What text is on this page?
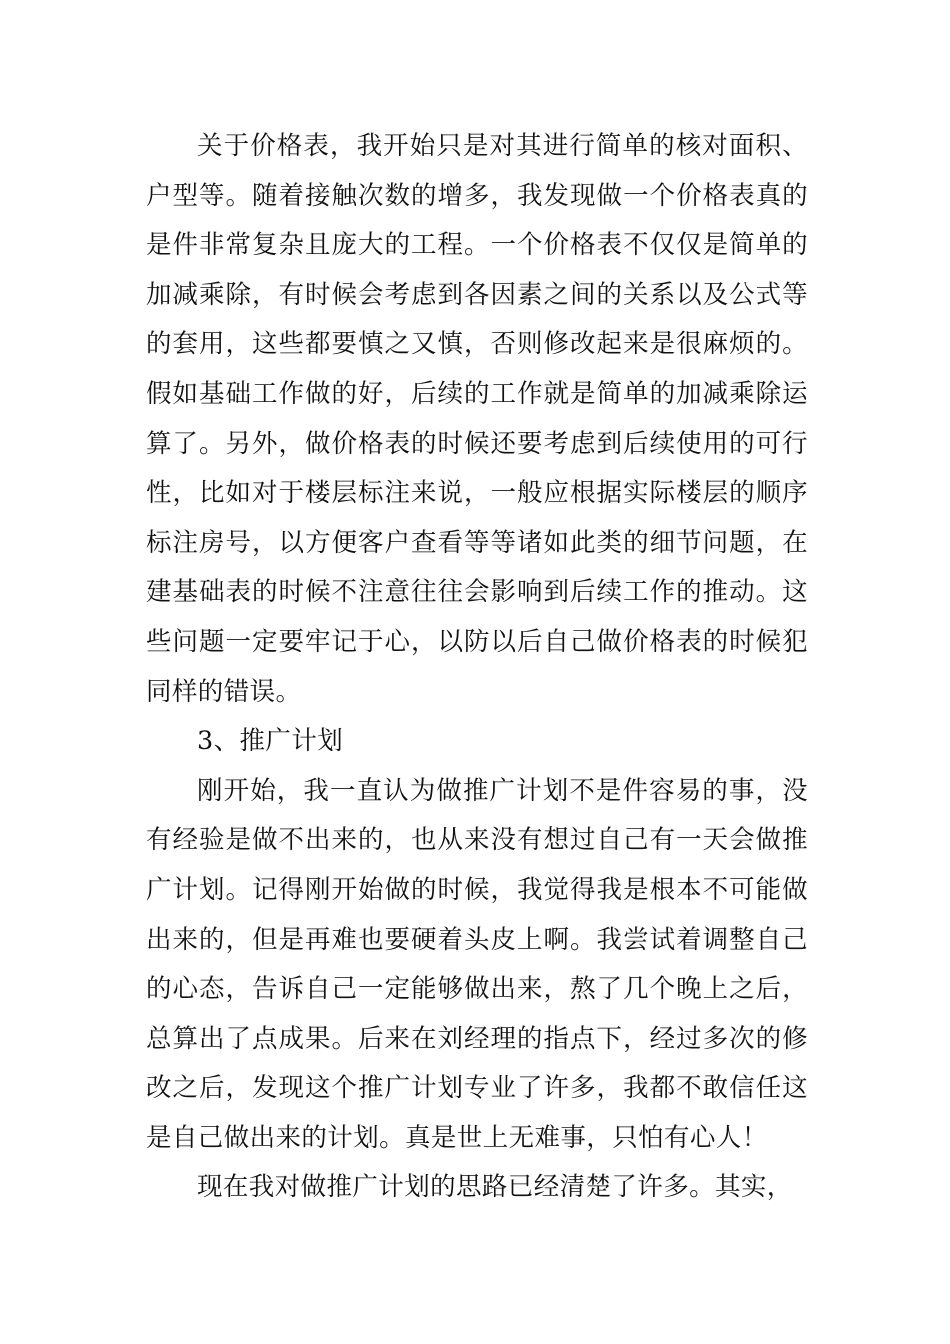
关于价格表，我开始只是对其进行简单的核对面积、户型等。随着接触次数的增多，我发现做一个价格表真的是件非常复杂且庞大的工程。一个价格表不仅仅是简单的加减乘除，有时候会考虑到各因素之间的关系以及公式等的套用，这些都要慎之又慎，否则修改起来是很麻烦的。假如基础工作做的好，后续的工作就是简单的加减乘除运算了。另外，做价格表的时候还要考虑到后续使用的可行性，比如对于楼层标注来说，一般应根据实际楼层的顺序标注房号，以方便客户查看等等诸如此类的细节问题，在建基础表的时候不注意往往会影响到后续工作的推动。这些问题一定要牢记于心，以防以后自己做价格表的时候犯同样的错误。

3、推广计划

刚开始，我一直认为做推广计划不是件容易的事，没有经验是做不出来的，也从来没有想过自己有一天会做推广计划。记得刚开始做的时候，我觉得我是根本不可能做出来的，但是再难也要硬着头皮上啊。我尝试着调整自己的心态，告诉自己一定能够做出来，熬了几个晚上之后，总算出了点成果。后来在刘经理的指点下，经过多次的修改之后，发现这个推广计划专业了许多，我都不敢信任这是自己做出来的计划。真是世上无难事，只怕有心人！

现在我对做推广计划的思路已经清楚了许多。其实，
